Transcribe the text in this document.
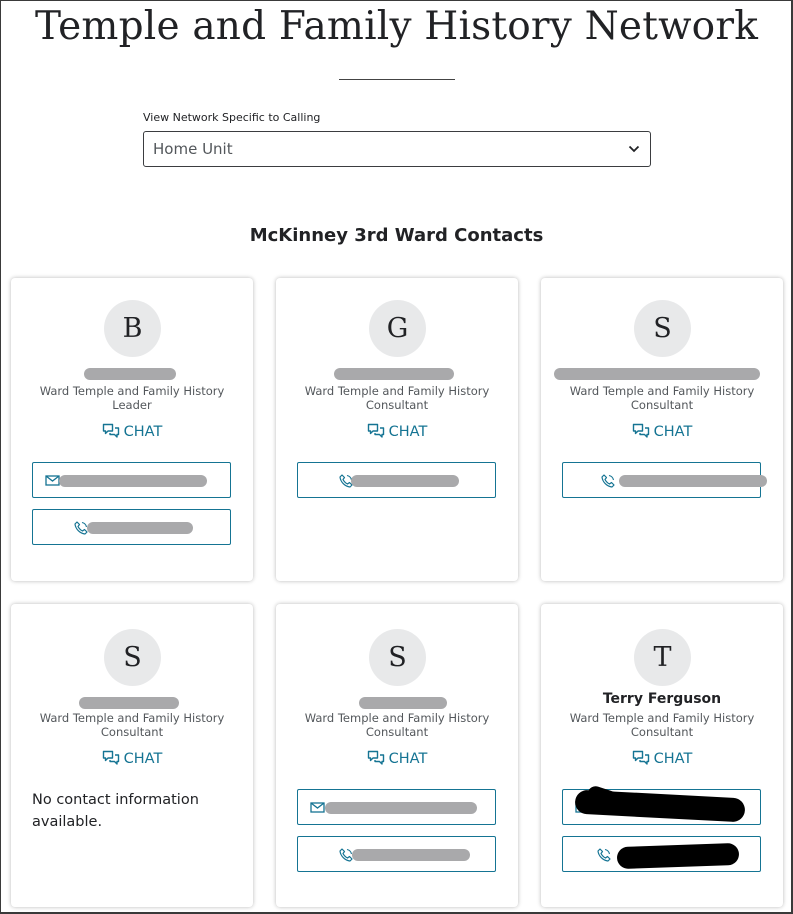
Temple and Family History Network
View Network Specific to Calling
Home Unit
McKinney 3rd Ward Contacts
B
Ward Temple and Family History Leader
CHAT
G
Ward Temple and Family History Consultant
CHAT
S
Ward Temple and Family History Consultant
CHAT
S
Ward Temple and Family History Consultant
CHAT
No contact information available.
S
Ward Temple and Family History Consultant
CHAT
T
Terry Ferguson
Ward Temple and Family History Consultant
CHAT
